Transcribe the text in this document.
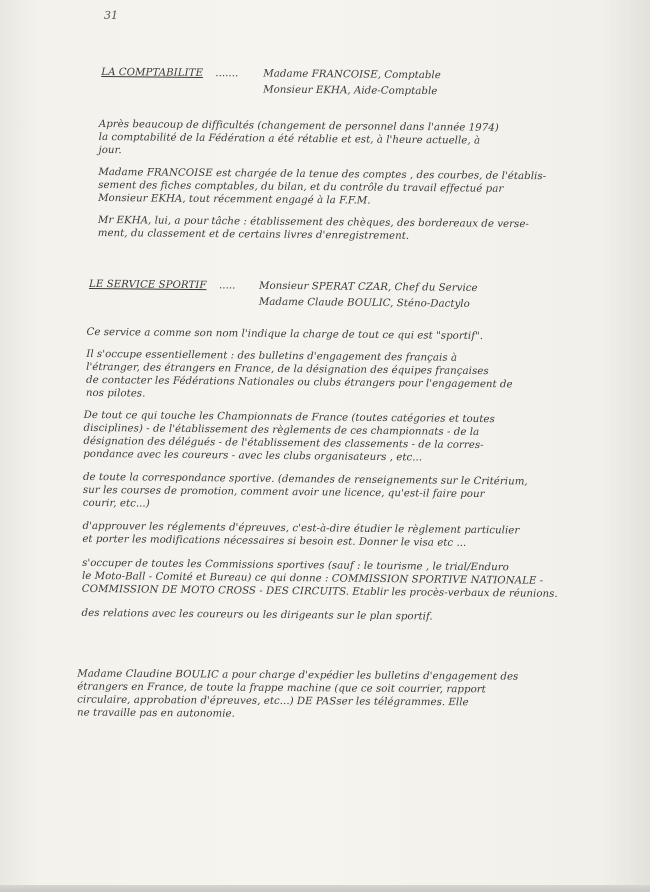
31
LA COMPTABILITE ....... Madame FRANCOISE, Comptable
Monsieur EKHA, Aide-Comptable
Après beaucoup de difficultés (changement de personnel dans l'année 1974)
la comptabilité de la Fédération a été rétablie et est, à l'heure actuelle, à
jour.
Madame FRANCOISE est chargée de la tenue des comptes , des courbes, de l'établis-
sement des fiches comptables, du bilan, et du contrôle du travail effectué par
Monsieur EKHA, tout récemment engagé à la F.F.M.
Mr EKHA, lui, a pour tâche : établissement des chèques, des bordereaux de verse-
ment, du classement et de certains livres d'enregistrement.
LE SERVICE SPORTIF ..... Monsieur SPERAT CZAR, Chef du Service
Madame Claude BOULIC, Sténo-Dactylo
Ce service a comme son nom l'indique la charge de tout ce qui est "sportif".
Il s'occupe essentiellement : des bulletins d'engagement des français à
l'étranger, des étrangers en France, de la désignation des équipes françaises
de contacter les Fédérations Nationales ou clubs étrangers pour l'engagement de
nos pilotes.
De tout ce qui touche les Championnats de France (toutes catégories et toutes
disciplines) - de l'établissement des règlements de ces championnats - de la
désignation des délégués - de l'établissement des classements - de la corres-
pondance avec les coureurs - avec les clubs organisateurs , etc...
de toute la correspondance sportive. (demandes de renseignements sur le Critérium,
sur les courses de promotion, comment avoir une licence, qu'est-il faire pour
courir, etc...)
d'approuver les réglements d'épreuves, c'est-à-dire étudier le règlement particulier
et porter les modifications nécessaires si besoin est. Donner le visa etc ...
s'occuper de toutes les Commissions sportives (sauf : le tourisme , le trial/Enduro
le Moto-Ball - Comité et Bureau) ce qui donne : COMMISSION SPORTIVE NATIONALE -
COMMISSION DE MOTO CROSS - DES CIRCUITS. Etablir les procès-verbaux de réunions.
des relations avec les coureurs ou les dirigeants sur le plan sportif.
Madame Claudine BOULIC a pour charge d'expédier les bulletins d'engagement des
étrangers en France, de toute la frappe machine (que ce soit courrier, rapport
circulaire, approbation d'épreuves, etc...) DE PASser les télégrammes. Elle
ne travaille pas en autonomie.
